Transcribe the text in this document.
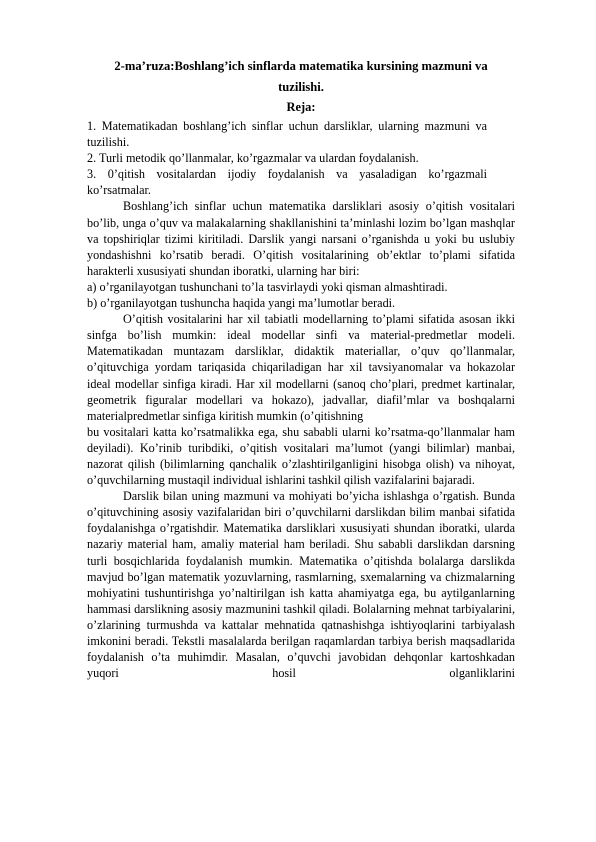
2-ma’ruza:Boshlang’ich sinflarda matematika kursining mazmuni va
tuzilishi.

Reja:

1. Matematikadan boshlang’ich sinflar uchun darsliklar, ularning mazmuni va tuzilishi.

2. Turli metodik qo’llanmalar, ko’rgazmalar va ulardan foydalanish.

3. 0’qitish vositalardan ijodiy foydalanish va yasaladigan ko’rgazmali ko’rsatmalar.

Boshlang’ich sinflar uchun matematika darsliklari asosiy o’qitish vositalari bo’lib, unga o’quv va malakalarning shakllanishini ta’minlashi lozim bo’lgan mashqlar va topshiriqlar tizimi kiritiladi. Darslik yangi narsani o’rganishda u yoki bu uslubiy yondashishni ko’rsatib beradi. O’qitish vositalarining ob’ektlar to’plami sifatida harakterli xususiyati shundan iboratki, ularning har biri:

a) o’rganilayotgan tushunchani to’la tasvirlaydi yoki qisman almashtiradi.

b) o’rganilayotgan tushuncha haqida yangi ma’lumotlar beradi.

O’qitish vositalarini har xil tabiatli modellarning to’plami sifatida asosan ikki sinfga bo’lish mumkin: ideal modellar sinfi va material-predmetlar modeli. Matematikadan muntazam darsliklar, didaktik materiallar, o’quv qo’llanmalar, o’qituvchiga yordam tariqasida chiqariladigan har xil tavsiyanomalar va hokazolar ideal modellar sinfiga kiradi. Har xil modellarni (sanoq cho’plari, predmet kartinalar, geometrik figuralar modellari va hokazo), jadvallar, diafil’mlar va boshqalarni materialpredmetlar sinfiga kiritish mumkin (o’qitishning

bu vositalari katta ko’rsatmalikka ega, shu sababli ularni ko’rsatma-qo’llanmalar ham deyiladi). Ko’rinib turibdiki, o’qitish vositalari ma’lumot (yangi bilimlar) manbai, nazorat qilish (bilimlarning qanchalik o’zlashtirilganligini hisobga olish) va nihoyat, o’quvchilarning mustaqil individual ishlarini tashkil qilish vazifalarini bajaradi.

Darslik bilan uning mazmuni va mohiyati bo’yicha ishlashga o’rgatish. Bunda o’qituvchining asosiy vazifalaridan biri o’quvchilarni darslikdan bilim manbai sifatida foydalanishga o’rgatishdir. Matematika darsliklari xususiyati shundan iboratki, ularda nazariy material ham, amaliy material ham beriladi. Shu sababli darslikdan darsning turli bosqichlarida foydalanish mumkin. Matematika o’qitishda bolalarga darslikda mavjud bo’lgan matematik yozuvlarning, rasmlarning, sxemalarning va chizmalarning mohiyatini tushuntirishga yo’naltirilgan ish katta ahamiyatga ega, bu aytilganlarning hammasi darslikning asosiy mazmunini tashkil qiladi. Bolalarning mehnat tarbiyalarini, o’zlarining turmushda va kattalar mehnatida qatnashishga ishtiyoqlarini tarbiyalash imkonini beradi. Tekstli masalalarda berilgan raqamlardan tarbiya berish maqsadlarida foydalanish o’ta muhimdir. Masalan, o’quvchi javobidan dehqonlar kartoshkadan yuqori hosil olganliklarini
